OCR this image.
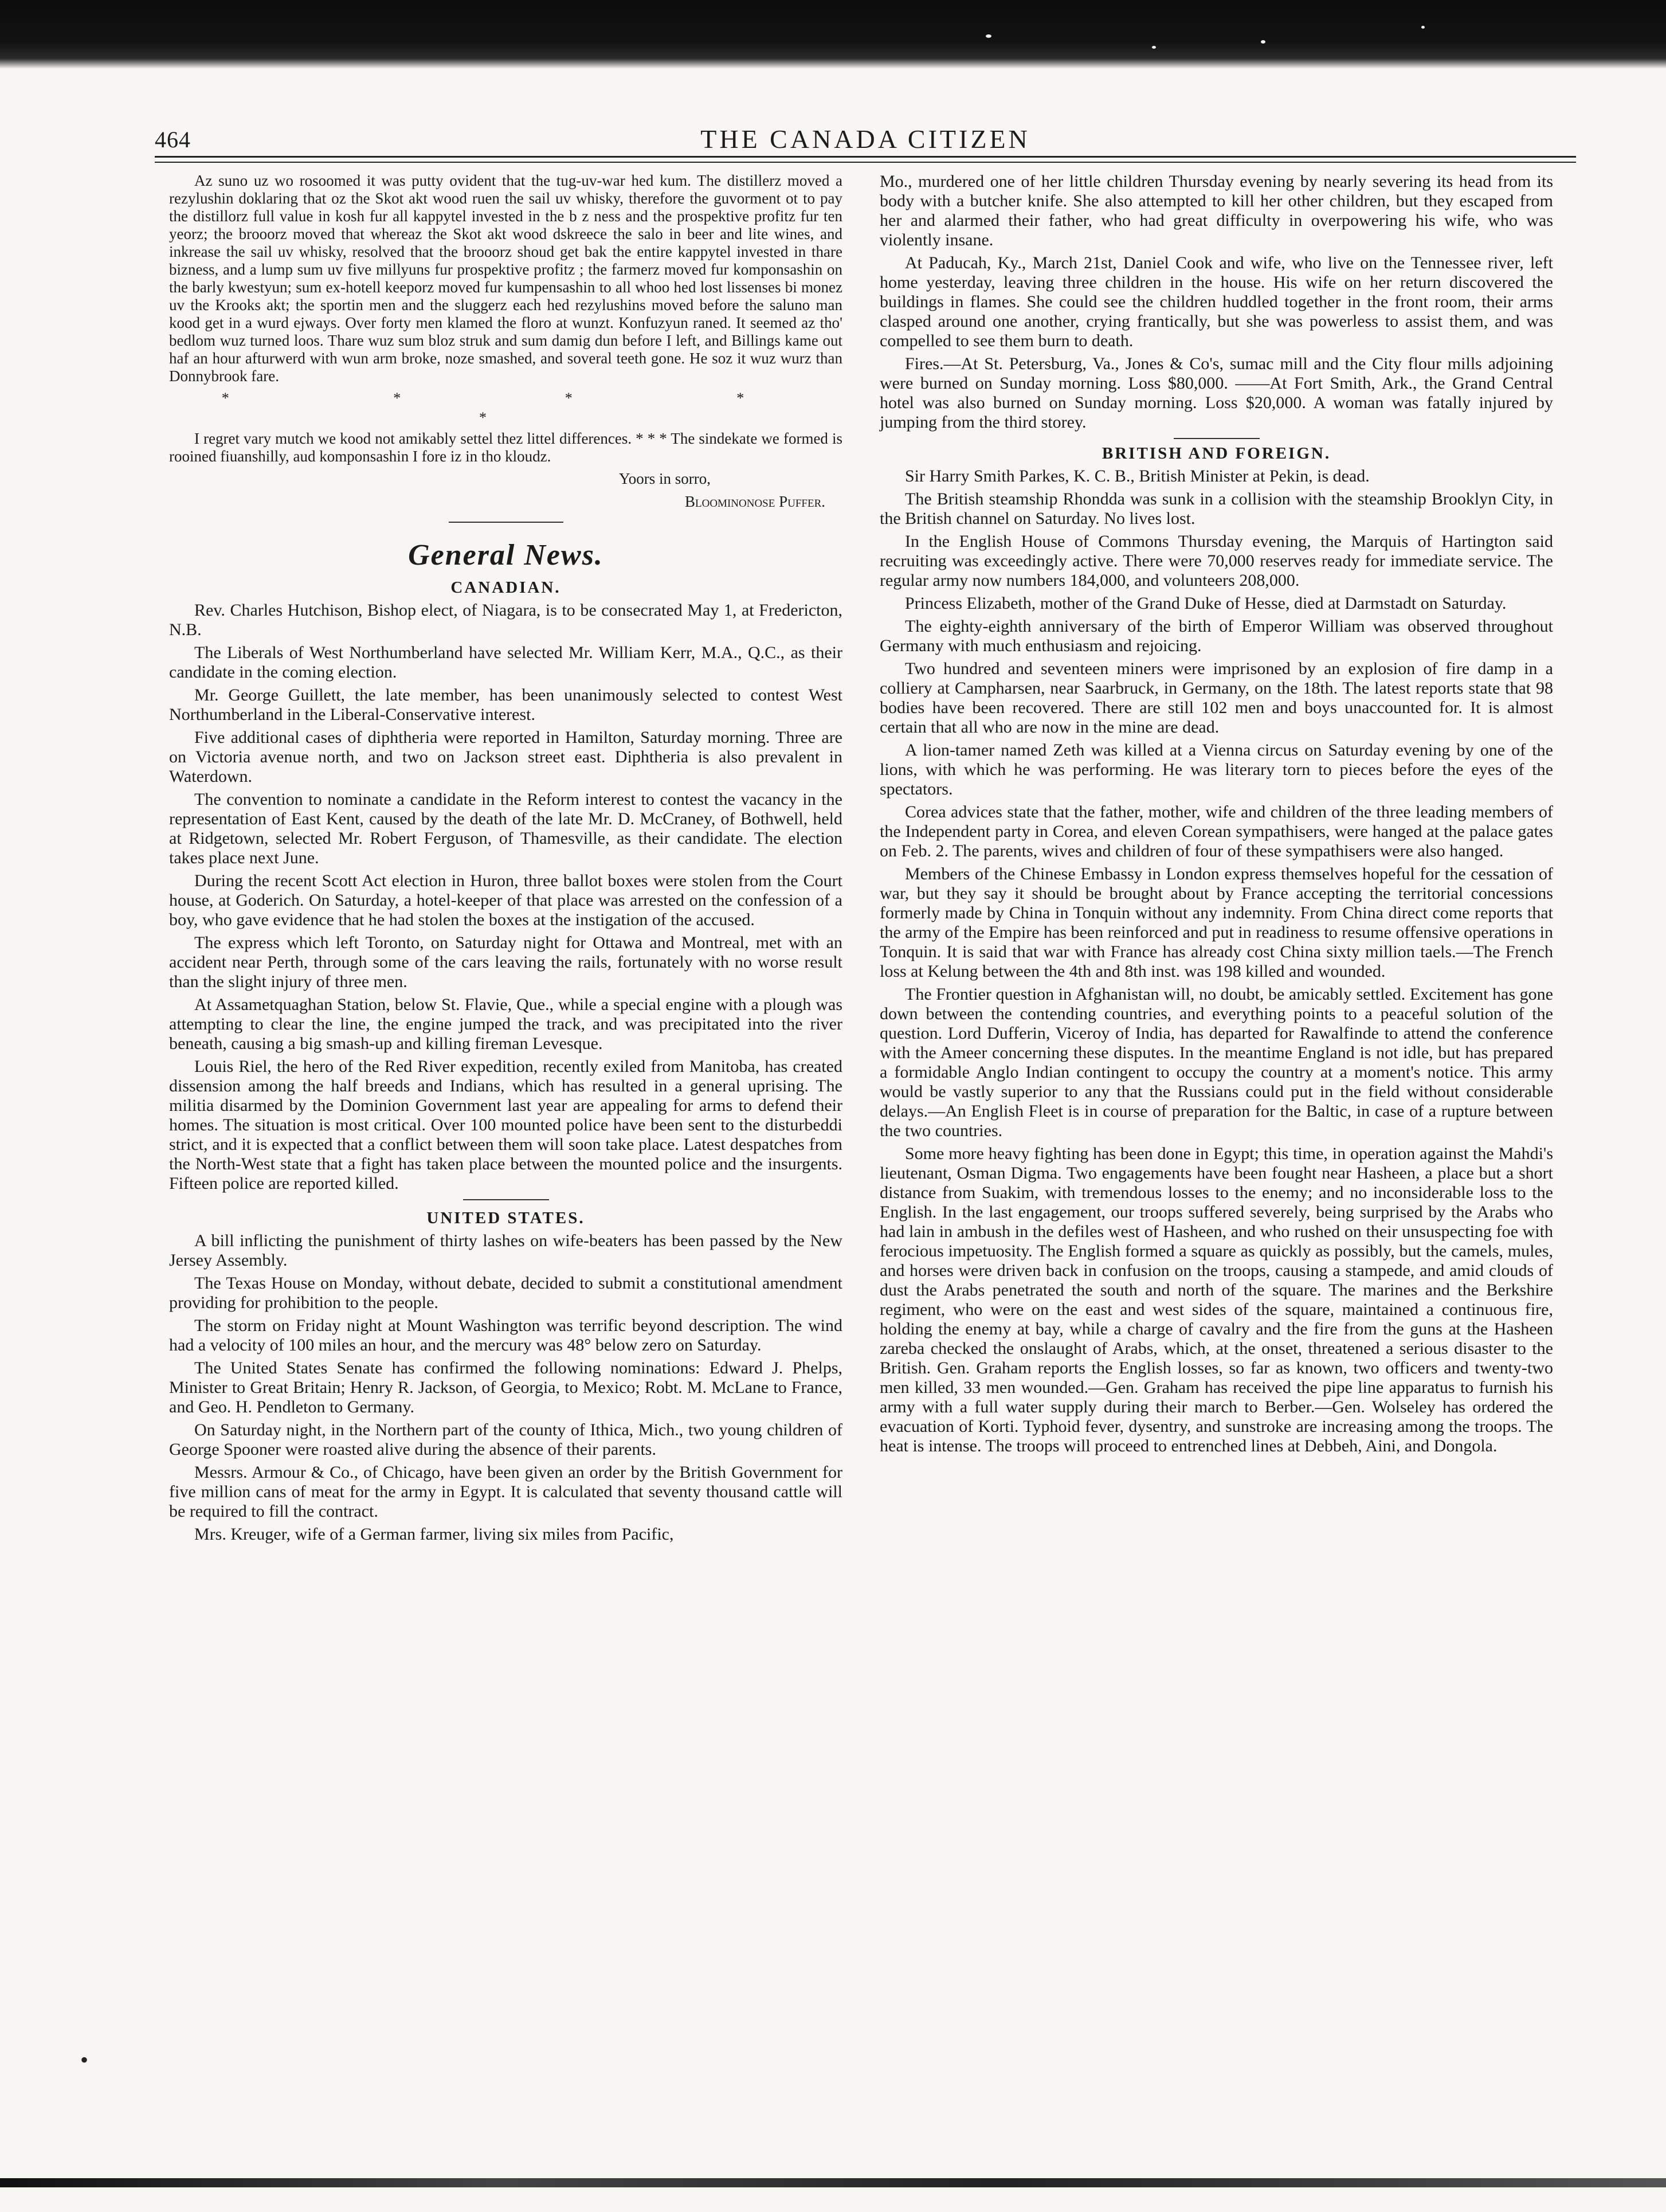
464	THE CANADA CITIZEN

Az suno uz wo rosoomed it was putty ovident that the tug-uv-war hed kum. The distillerz moved a rezylushin doklaring that oz the Skot akt wood ruen the sail uv whisky, therefore the guvorment ot to pay the distillorz full value in kosh fur all kappytel invested in the b z ness and the prospektive profitz fur ten yeorz; the brooorz moved that whereaz the Skot akt wood dskreece the salo in beer and lite wines, and inkrease the sail uv whisky, resolved that the brooorz shoud get bak the entire kappytel invested in thare bizness, and a lump sum uv five millyuns fur prospektive profitz ; the farmerz moved fur komponsashin on the barly kwestyun; sum ex-hotell keeporz moved fur kumpensashin to all whoo hed lost lissenses bi monez uv the Krooks akt; the sportin men and the sluggerz each hed rezylushins moved before the saluno man kood get in a wurd ejways. Over forty men klamed the floro at wunzt. Konfuzyun raned. It seemed az tho' bedlom wuz turned loos. Thare wuz sum bloz struk and sum damig dun before I left, and Billings kame out haf an hour afturwerd with wun arm broke, noze smashed, and soveral teeth gone. He soz it wuz wurz than Donnybrook fare.

* * * * *

I regret vary mutch we kood not amikably settel thez littel differences. * * * The sindekate we formed is rooined fiuanshilly, aud komponsashin I fore iz in tho kloudz.

Yoors in sorro,
Bloominonose Puffer.
General News.
CANADIAN.

Rev. Charles Hutchison, Bishop elect, of Niagara, is to be consecrated May 1, at Fredericton, N.B.

The Liberals of West Northumberland have selected Mr. William Kerr, M.A., Q.C., as their candidate in the coming election.

Mr. George Guillett, the late member, has been unanimously selected to contest West Northumberland in the Liberal-Conservative interest.

Five additional cases of diphtheria were reported in Hamilton, Saturday morning. Three are on Victoria avenue north, and two on Jackson street east. Diphtheria is also prevalent in Waterdown.

The convention to nominate a candidate in the Reform interest to contest the vacancy in the representation of East Kent, caused by the death of the late Mr. D. McCraney, of Bothwell, held at Ridgetown, selected Mr. Robert Ferguson, of Thamesville, as their candidate. The election takes place next June.

During the recent Scott Act election in Huron, three ballot boxes were stolen from the Court house, at Goderich. On Saturday, a hotel-keeper of that place was arrested on the confession of a boy, who gave evidence that he had stolen the boxes at the instigation of the accused.

The express which left Toronto, on Saturday night for Ottawa and Montreal, met with an accident near Perth, through some of the cars leaving the rails, fortunately with no worse result than the slight injury of three men.

At Assametquaghan Station, below St. Flavie, Que., while a special engine with a plough was attempting to clear the line, the engine jumped the track, and was precipitated into the river beneath, causing a big smash-up and killing fireman Levesque.

Louis Riel, the hero of the Red River expedition, recently exiled from Manitoba, has created dissension among the half breeds and Indians, which has resulted in a general uprising. The militia disarmed by the Dominion Government last year are appealing for arms to defend their homes. The situation is most critical. Over 100 mounted police have been sent to the disturbeddi strict, and it is expected that a conflict between them will soon take place. Latest despatches from the North-West state that a fight has taken place between the mounted police and the insurgents. Fifteen police are reported killed.

UNITED STATES.

A bill inflicting the punishment of thirty lashes on wife-beaters has been passed by the New Jersey Assembly.

The Texas House on Monday, without debate, decided to submit a constitutional amendment providing for prohibition to the people.

The storm on Friday night at Mount Washington was terrific beyond description. The wind had a velocity of 100 miles an hour, and the mercury was 48° below zero on Saturday.

The United States Senate has confirmed the following nominations: Edward J. Phelps, Minister to Great Britain; Henry R. Jackson, of Georgia, to Mexico; Robt. M. McLane to France, and Geo. H. Pendleton to Germany.

On Saturday night, in the Northern part of the county of Ithica, Mich., two young children of George Spooner were roasted alive during the absence of their parents.

Messrs. Armour & Co., of Chicago, have been given an order by the British Government for five million cans of meat for the army in Egypt. It is calculated that seventy thousand cattle will be required to fill the contract.

Mrs. Kreuger, wife of a German farmer, living six miles from Pacific,

Mo., murdered one of her little children Thursday evening by nearly severing its head from its body with a butcher knife. She also attempted to kill her other children, but they escaped from her and alarmed their father, who had great difficulty in overpowering his wife, who was violently insane.

At Paducah, Ky., March 21st, Daniel Cook and wife, who live on the Tennessee river, left home yesterday, leaving three children in the house. His wife on her return discovered the buildings in flames. She could see the children huddled together in the front room, their arms clasped around one another, crying frantically, but she was powerless to assist them, and was compelled to see them burn to death.

Fires.—At St. Petersburg, Va., Jones & Co's, sumac mill and the City flour mills adjoining were burned on Sunday morning. Loss $80,000. ——At Fort Smith, Ark., the Grand Central hotel was also burned on Sunday morning. Loss $20,000. A woman was fatally injured by jumping from the third storey.

BRITISH AND FOREIGN.

Sir Harry Smith Parkes, K. C. B., British Minister at Pekin, is dead.

The British steamship Rhondda was sunk in a collision with the steamship Brooklyn City, in the British channel on Saturday. No lives lost.

In the English House of Commons Thursday evening, the Marquis of Hartington said recruiting was exceedingly active. There were 70,000 reserves ready for immediate service. The regular army now numbers 184,000, and volunteers 208,000.

Princess Elizabeth, mother of the Grand Duke of Hesse, died at Darmstadt on Saturday.

The eighty-eighth anniversary of the birth of Emperor William was observed throughout Germany with much enthusiasm and rejoicing.

Two hundred and seventeen miners were imprisoned by an explosion of fire damp in a colliery at Campharsen, near Saarbruck, in Germany, on the 18th. The latest reports state that 98 bodies have been recovered. There are still 102 men and boys unaccounted for. It is almost certain that all who are now in the mine are dead.

A lion-tamer named Zeth was killed at a Vienna circus on Saturday evening by one of the lions, with which he was performing. He was literary torn to pieces before the eyes of the spectators.

Corea advices state that the father, mother, wife and children of the three leading members of the Independent party in Corea, and eleven Corean sympathisers, were hanged at the palace gates on Feb. 2. The parents, wives and children of four of these sympathisers were also hanged.

Members of the Chinese Embassy in London express themselves hopeful for the cessation of war, but they say it should be brought about by France accepting the territorial concessions formerly made by China in Tonquin without any indemnity. From China direct come reports that the army of the Empire has been reinforced and put in readiness to resume offensive operations in Tonquin. It is said that war with France has already cost China sixty million taels.—The French loss at Kelung between the 4th and 8th inst. was 198 killed and wounded.

The Frontier question in Afghanistan will, no doubt, be amicably settled. Excitement has gone down between the contending countries, and everything points to a peaceful solution of the question. Lord Dufferin, Viceroy of India, has departed for Rawalfinde to attend the conference with the Ameer concerning these disputes. In the meantime England is not idle, but has prepared a formidable Anglo Indian contingent to occupy the country at a moment's notice. This army would be vastly superior to any that the Russians could put in the field without considerable delays.—An English Fleet is in course of preparation for the Baltic, in case of a rupture between the two countries.

Some more heavy fighting has been done in Egypt; this time, in operation against the Mahdi's lieutenant, Osman Digma. Two engagements have been fought near Hasheen, a place but a short distance from Suakim, with tremendous losses to the enemy; and no inconsiderable loss to the English. In the last engagement, our troops suffered severely, being surprised by the Arabs who had lain in ambush in the defiles west of Hasheen, and who rushed on their unsuspecting foe with ferocious impetuosity. The English formed a square as quickly as possibly, but the camels, mules, and horses were driven back in confusion on the troops, causing a stampede, and amid clouds of dust the Arabs penetrated the south and north of the square. The marines and the Berkshire regiment, who were on the east and west sides of the square, maintained a continuous fire, holding the enemy at bay, while a charge of cavalry and the fire from the guns at the Hasheen zareba checked the onslaught of Arabs, which, at the onset, threatened a serious disaster to the British. Gen. Graham reports the English losses, so far as known, two officers and twenty-two men killed, 33 men wounded.—Gen. Graham has received the pipe line apparatus to furnish his army with a full water supply during their march to Berber.—Gen. Wolseley has ordered the evacuation of Korti. Typhoid fever, dysentry, and sunstroke are increasing among the troops. The heat is intense. The troops will proceed to entrenched lines at Debbeh, Aini, and Dongola.

•
